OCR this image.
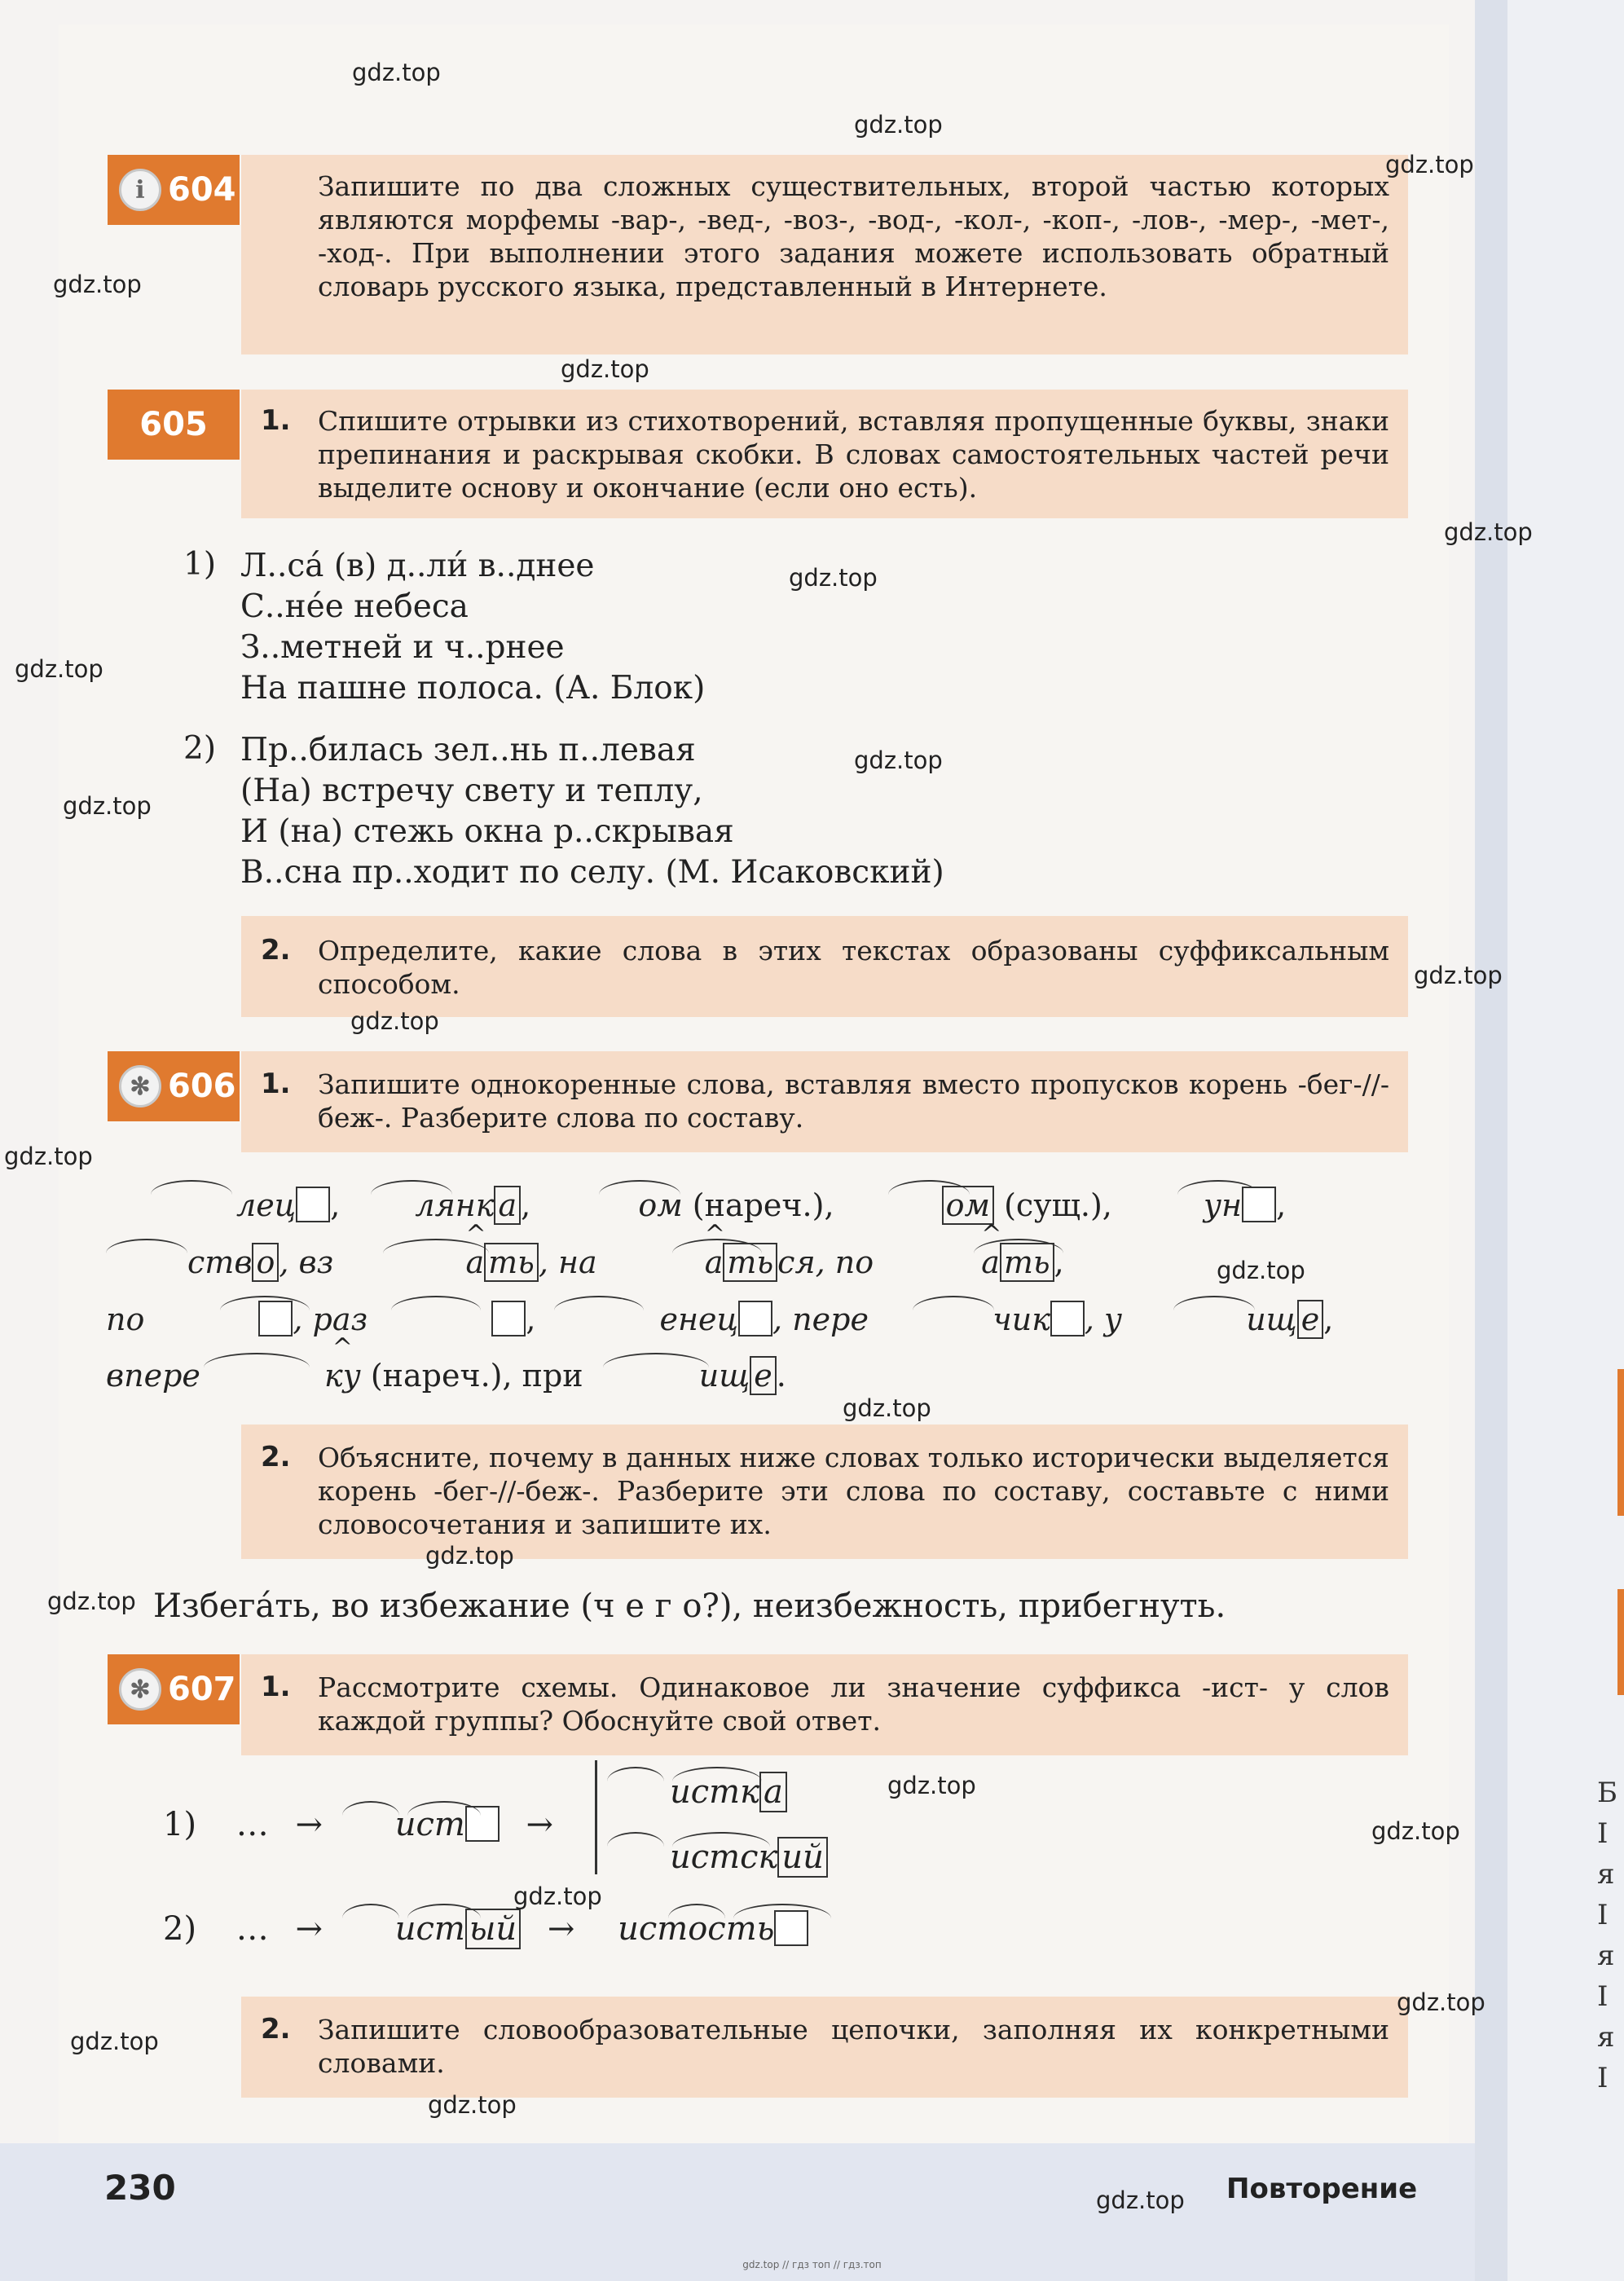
i 604	Запишите по два сложных существительных, второй частью которых являются морфемы -вар-, -вед-, -воз-, -вод-, -кол-, -коп-, -лов-, -мер-, -мет-, -ход-. При выполнении этого задания можете использовать обратный словарь русского языка, представленный в Интернете.
605	1. Спишите отрывки из стихотворений, вставляя пропущенные буквы, знаки препинания и раскрывая скобки. В словах самостоятельных частей речи выделите основу и окончание (если оно есть).
1) Л..са́ (в) д..ли́ в..днее
С..не́е небеса
З..метней и ч..рнее
На пашне полоса. (А. Блок)
2) Пр..билась зел..нь п..левая
(На) встречу свету и теплу,
И (на) стежь окна р..скрывая
В..сна пр..ходит по селу. (М. Исаковский)
2. Определите, какие слова в этих текстах образованы суффиксальным способом.
✻ 606 1. Запишите однокоренные слова, вставляя вместо пропусков корень -бег-//-беж-. Разберите слова по составу.
лец , лянк а ,	ом (нареч.),	ом (сущ.),	ун ,
ств о , вз	^ а ть , на	^ а ть ся, по	^ а ть ,
по	, раз	,	енец , пере	чик , у	ищ е ,
впере	^ ку (нареч.), при	ищ е .
2. Объясните, почему в данных ниже словах только исторически выделяется корень -бег-//-беж-. Разберите эти слова по составу, составьте с ними словосочетания и запишите их.
Избега́ть, во избежание (ч е г о?), неизбежность, прибегнуть.
✻ 607 1. Рассмотрите схемы. Одинаковое ли значение суффикса -ист- у слов каждой группы? Обоснуйте свой ответ.
1) … → ист →
истк а
истск ий
2) … → ист ый → истость
2. Запишите словообразовательные цепочки, заполняя их конкретными словами.
230	Повторение
Б
I
я
I
я
I
я
I
gdz.top
gdz.top
gdz.top
gdz.top
gdz.top
gdz.top
gdz.top
gdz.top
gdz.top
gdz.top
gdz.top
gdz.top
gdz.top
gdz.top
gdz.top
gdz.top
gdz.top
gdz.top
gdz.top
gdz.top
gdz.top
gdz.top
gdz.top
gdz.top
gdz.top // гдз топ // гдз.топ
